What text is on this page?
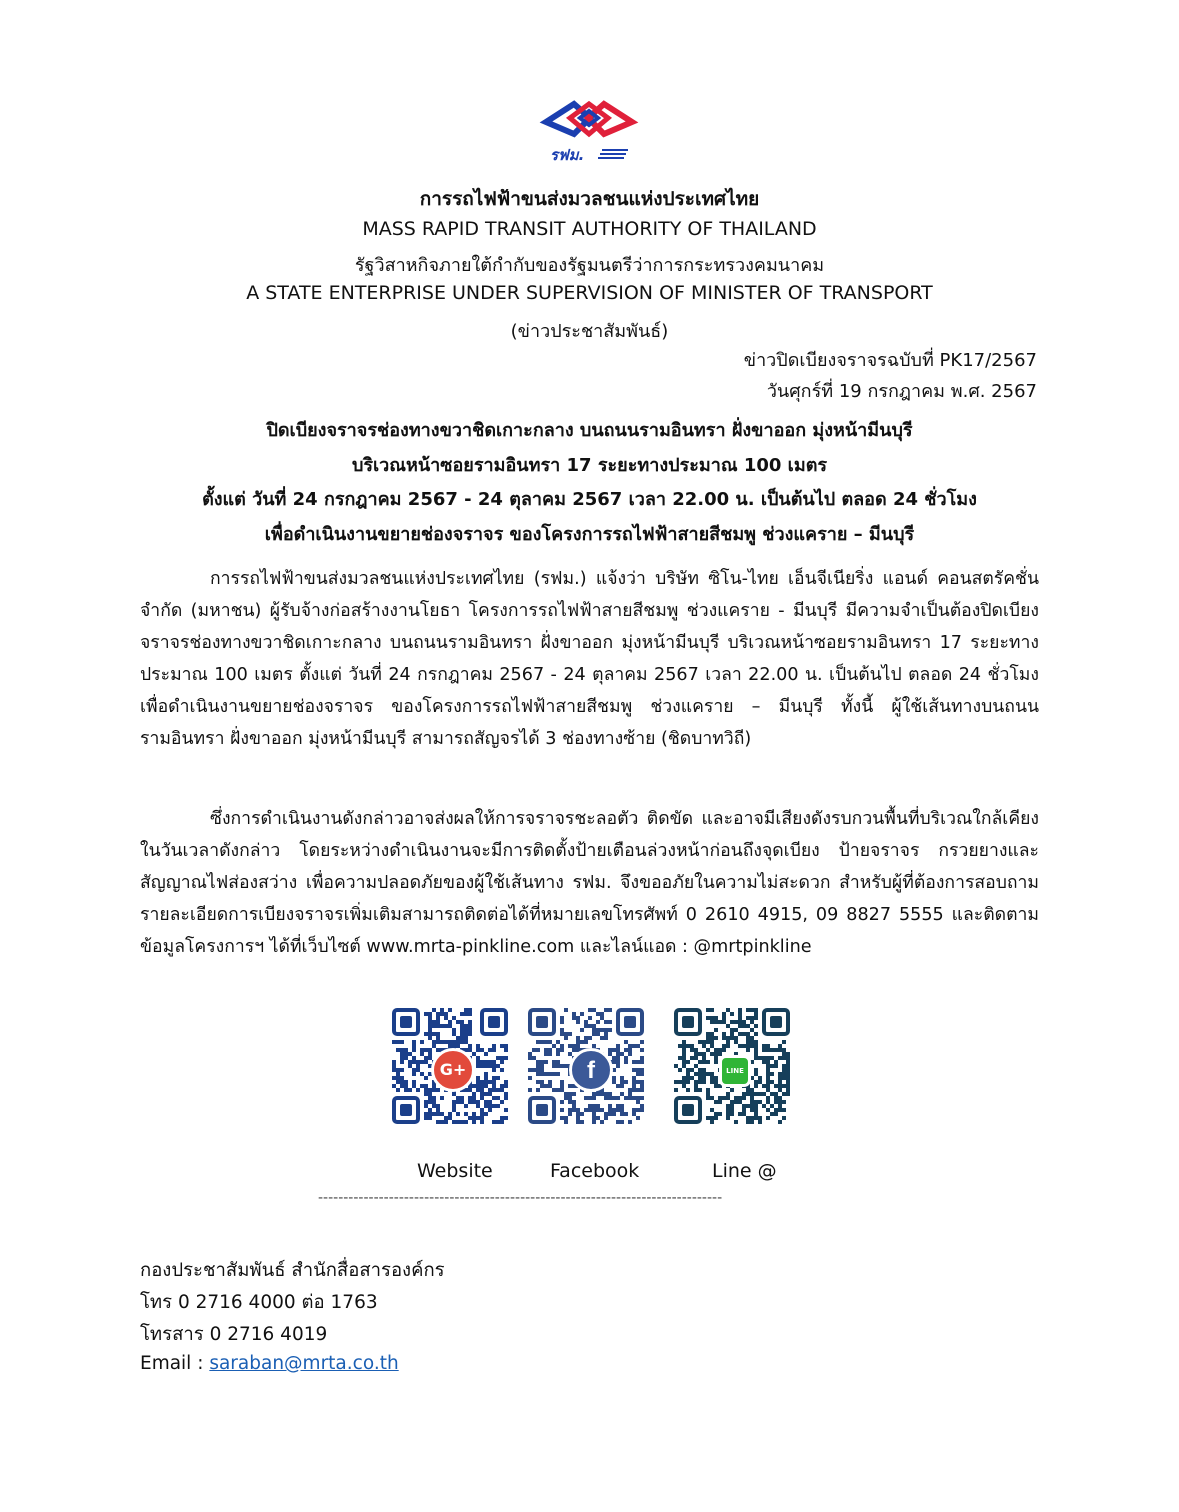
รฟม.
การรถไฟฟ้าขนส่งมวลชนแห่งประเทศไทย
MASS RAPID TRANSIT AUTHORITY OF THAILAND
รัฐวิสาหกิจภายใต้กำกับของรัฐมนตรีว่าการกระทรวงคมนาคม
A STATE ENTERPRISE UNDER SUPERVISION OF MINISTER OF TRANSPORT
(ข่าวประชาสัมพันธ์)
ข่าวปิดเบียงจราจรฉบับที่ PK17/2567
วันศุกร์ที่ 19 กรกฎาคม พ.ศ. 2567
ปิดเบียงจราจรช่องทางขวาชิดเกาะกลาง บนถนนรามอินทรา ฝั่งขาออก มุ่งหน้ามีนบุรี
บริเวณหน้าซอยรามอินทรา 17 ระยะทางประมาณ 100 เมตร
ตั้งแต่ วันที่ 24 กรกฎาคม 2567 - 24 ตุลาคม 2567 เวลา 22.00 น. เป็นต้นไป ตลอด 24 ชั่วโมง
เพื่อดำเนินงานขยายช่องจราจร ของโครงการรถไฟฟ้าสายสีชมพู ช่วงแคราย – มีนบุรี
การรถไฟฟ้าขนส่งมวลชนแห่งประเทศไทย (รฟม.) แจ้งว่า บริษัท ซิโน-ไทย เอ็นจีเนียริ่ง แอนด์ คอนสตรัคชั่น จำกัด (มหาชน) ผู้รับจ้างก่อสร้างงานโยธา โครงการรถไฟฟ้าสายสีชมพู ช่วงแคราย - มีนบุรี มีความจำเป็นต้องปิดเบียงจราจรช่องทางขวาชิดเกาะกลาง บนถนนรามอินทรา ฝั่งขาออก มุ่งหน้ามีนบุรี บริเวณหน้าซอยรามอินทรา 17 ระยะทางประมาณ 100 เมตร ตั้งแต่ วันที่ 24 กรกฎาคม 2567 - 24 ตุลาคม 2567 เวลา 22.00 น. เป็นต้นไป ตลอด 24 ชั่วโมง เพื่อดำเนินงานขยายช่องจราจร ของโครงการรถไฟฟ้าสายสีชมพู ช่วงแคราย – มีนบุรี ทั้งนี้ ผู้ใช้เส้นทางบนถนนรามอินทรา ฝั่งขาออก มุ่งหน้ามีนบุรี สามารถสัญจรได้ 3 ช่องทางซ้าย (ชิดบาทวิถี)
ซึ่งการดำเนินงานดังกล่าวอาจส่งผลให้การจราจรชะลอตัว ติดขัด และอาจมีเสียงดังรบกวนพื้นที่บริเวณใกล้เคียงในวันเวลาดังกล่าว โดยระหว่างดำเนินงานจะมีการติดตั้งป้ายเตือนล่วงหน้าก่อนถึงจุดเบียง ป้ายจราจร กรวยยางและสัญญาณไฟส่องสว่าง เพื่อความปลอดภัยของผู้ใช้เส้นทาง รฟม. จึงขออภัยในความไม่สะดวก สำหรับผู้ที่ต้องการสอบถามรายละเอียดการเบียงจราจรเพิ่มเติมสามารถติดต่อได้ที่หมายเลขโทรศัพท์ 0 2610 4915, 09 8827 5555 และติดตามข้อมูลโครงการฯ ได้ที่เว็บไซต์ www.mrta-pinkline.com และไลน์แอด : @mrtpinkline
G+	f	LINE
Website	Facebook	Line @
--------------------------------------------------------------------------------
กองประชาสัมพันธ์ สำนักสื่อสารองค์กร
โทร 0 2716 4000 ต่อ 1763
โทรสาร 0 2716 4019
Email : saraban@mrta.co.th
